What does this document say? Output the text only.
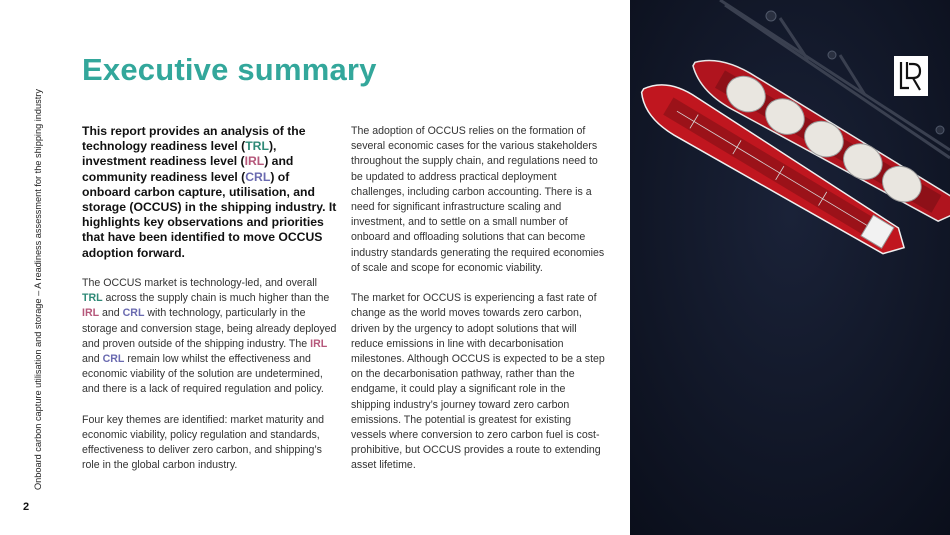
Onboard carbon capture utilisation and storage – A readiness assessment for the shipping industry
2
Executive summary

This report provides an analysis of the technology readiness level (TRL), investment readiness level (IRL) and community readiness level (CRL) of onboard carbon capture, utilisation, and storage (OCCUS) in the shipping industry. It highlights key observations and priorities that have been identified to move OCCUS adoption forward.

The OCCUS market is technology-led, and overall TRL across the supply chain is much higher than the IRL and CRL with technology, particularly in the storage and conversion stage, being already deployed and proven outside of the shipping industry. The IRL and CRL remain low whilst the effectiveness and economic viability of the solution are undetermined, and there is a lack of required regulation and policy.

Four key themes are identified: market maturity and economic viability, policy regulation and standards, effectiveness to deliver zero carbon, and shipping’s role in the global carbon industry.

The adoption of OCCUS relies on the formation of several economic cases for the various stakeholders throughout the supply chain, and regulations need to be updated to address practical deployment challenges, including carbon accounting. There is a need for significant infrastructure scaling and investment, and to settle on a small number of onboard and offloading solutions that can become industry standards generating the required economies of scale and scope for economic viability.

The market for OCCUS is experiencing a fast rate of change as the world moves towards zero carbon, driven by the urgency to adopt solutions that will reduce emissions in line with decarbonisation milestones. Although OCCUS is expected to be a step on the decarbonisation pathway, rather than the endgame, it could play a significant role in the shipping industry’s journey toward zero carbon emissions. The potential is greatest for existing vessels where conversion to zero carbon fuel is cost-prohibitive, but OCCUS provides a route to extending asset lifetime.
